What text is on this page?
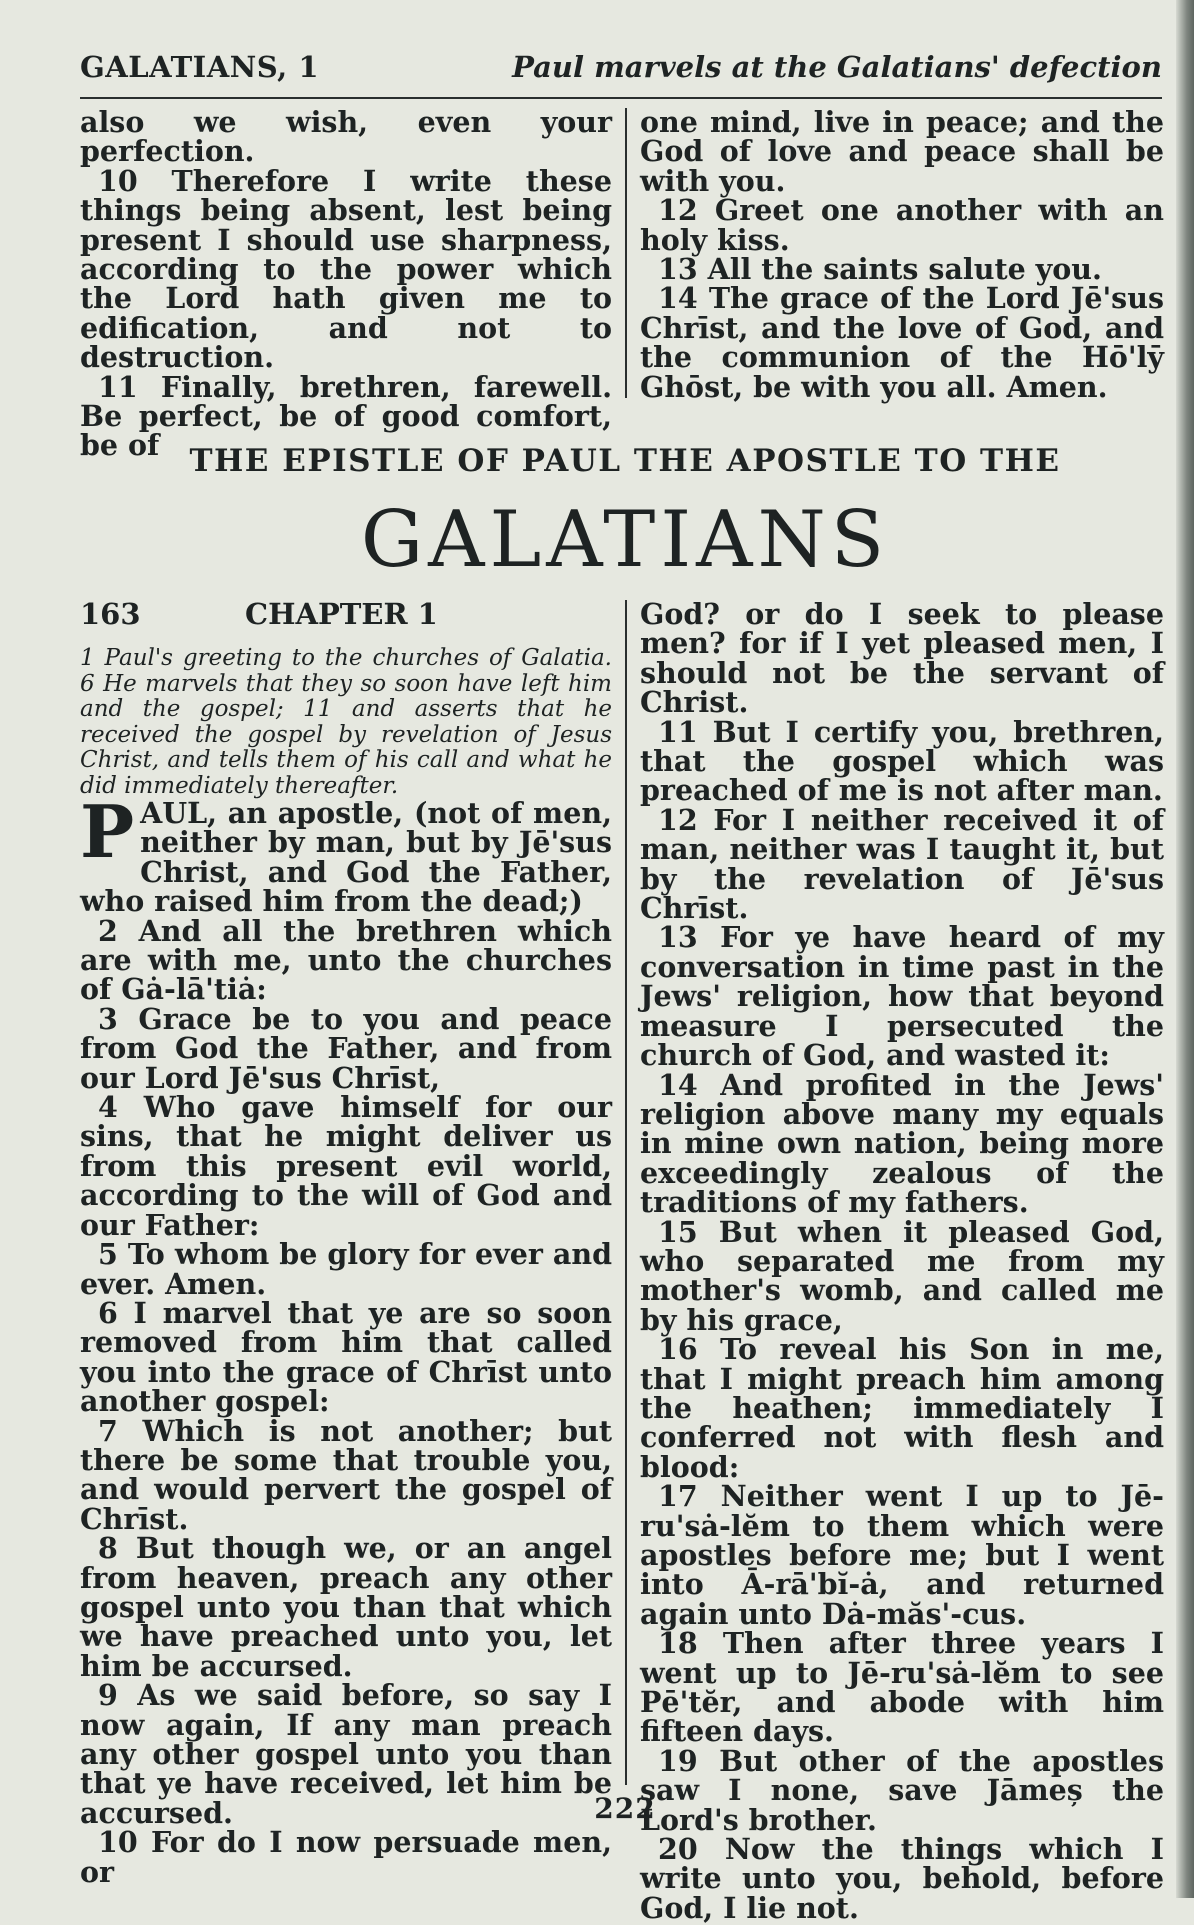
GALATIANS, 1	Paul marvels at the Galatians' defection

also we wish, even your perfection.

10 Therefore I write these things being absent, lest being present I should use sharpness, according to the power which the Lord hath given me to edification, and not to destruction.

11 Finally, brethren, farewell. Be perfect, be of good comfort, be of

one mind, live in peace; and the God of love and peace shall be with you.

12 Greet one another with an holy kiss.

13 All the saints salute you.

14 The grace of the Lord Jē'sus Chrīst, and the love of God, and the communion of the Hō'lȳ Ghōst, be with you all. Amen.

THE EPISTLE OF PAUL THE APOSTLE TO THE
GALATIANS
163	CHAPTER 1

1 Paul's greeting to the churches of Galatia. 6 He marvels that they so soon have left him and the gospel; 11 and asserts that he received the gospel by revelation of Jesus Christ, and tells them of his call and what he did immediately thereafter.

PAUL, an apostle, (not of men, neither by man, but by Jē'sus Christ, and God the Father, who raised him from the dead;)

2 And all the brethren which are with me, unto the churches of Gȧ-lā'tiȧ:

3 Grace be to you and peace from God the Father, and from our Lord Jē'sus Chrīst,

4 Who gave himself for our sins, that he might deliver us from this present evil world, according to the will of God and our Father:

5 To whom be glory for ever and ever. Amen.

6 I marvel that ye are so soon removed from him that called you into the grace of Chrīst unto another gospel:

7 Which is not another; but there be some that trouble you, and would pervert the gospel of Chrīst.

8 But though we, or an angel from heaven, preach any other gospel unto you than that which we have preached unto you, let him be accursed.

9 As we said before, so say I now again, If any man preach any other gospel unto you than that ye have received, let him be accursed.

10 For do I now persuade men, or

God? or do I seek to please men? for if I yet pleased men, I should not be the servant of Christ.

11 But I certify you, brethren, that the gospel which was preached of me is not after man.

12 For I neither received it of man, neither was I taught it, but by the revelation of Jē'sus Chrīst.

13 For ye have heard of my conversation in time past in the Jews' religion, how that beyond measure I persecuted the church of God, and wasted it:

14 And profited in the Jews' religion above many my equals in mine own nation, being more exceedingly zealous of the traditions of my fathers.

15 But when it pleased God, who separated me from my mother's womb, and called me by his grace,

16 To reveal his Son in me, that I might preach him among the heathen; immediately I conferred not with flesh and blood:

17 Neither went I up to Jē-ru'sȧ-lĕm to them which were apostles before me; but I went into Ā-rā'bĭ-ȧ, and returned again unto Dȧ-măs'-cus.

18 Then after three years I went up to Jē-ru'sȧ-lĕm to see Pē'tĕr, and abode with him fifteen days.

19 But other of the apostles saw I none, save Jāmeș the Lord's brother.

20 Now the things which I write unto you, behold, before God, I lie not.

222
